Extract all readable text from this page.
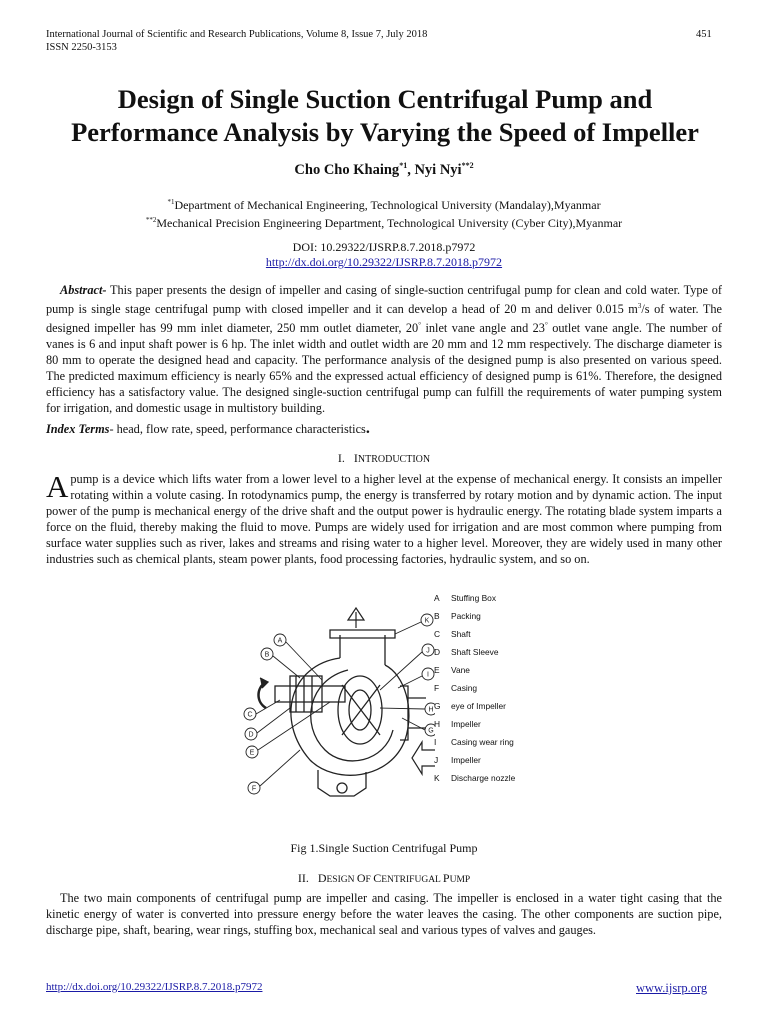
International Journal of Scientific and Research Publications, Volume 8, Issue 7, July 2018
ISSN 2250-3153
451
Design of Single Suction Centrifugal Pump and
Performance Analysis by Varying the Speed of Impeller
Cho Cho Khaing$^{*1}$, Nyi Nyi$^{**2}$
$^{*1}$Department of Mechanical Engineering, Technological University (Mandalay),Myanmar
$^{**2}$Mechanical Precision Engineering Department, Technological University (Cyber City),Myanmar
DOI: 10.29322/IJSRP.8.7.2018.p7972
http://dx.doi.org/10.29322/IJSRP.8.7.2018.p7972
Abstract- This paper presents the design of impeller and casing of single-suction centrifugal pump for clean and cold water. Type of pump is single stage centrifugal pump with closed impeller and it can develop a head of 20 m and deliver 0.015 $m^3/s$ of water. The designed impeller has 99 mm inlet diameter, 250 mm outlet diameter, 20° inlet vane angle and 23° outlet vane angle. The number of vanes is 6 and input shaft power is 6 hp. The inlet width and outlet width are 20 mm and 12 mm respectively. The discharge diameter is 80 mm to operate the designed head and capacity. The performance analysis of the designed pump is also presented on various speed. The predicted maximum efficiency is nearly 65% and the expressed actual efficiency of designed pump is 61%. Therefore, the designed efficiency has a satisfactory value. The designed single-suction centrifugal pump can fulfill the requirements of water pumping system for irrigation, and domestic usage in multistory building.
Index Terms- head, flow rate, speed, performance characteristics.
I. INTRODUCTION
Apump is a device which lifts water from a lower level to a higher level at the expense of mechanical energy. It consists an impeller rotating within a volute casing. In rotodynamics pump, the energy is transferred by rotary motion and by dynamic action. The input power of the pump is mechanical energy of the drive shaft and the output power is hydraulic energy. The rotating blade system imparts a force on the fluid, thereby making the fluid to move. Pumps are widely used for irrigation and are most common where pumping from surface water supplies such as river, lakes and streams and rising water to a higher level. Moreover, they are widely used in many other industries such as chemical plants, steam power plants, food processing factories, hydraulic system, and so on.
A
B
C
D
E
F
G
H
I
J
K
A	Stuffing Box
B	Packing
C	Shaft
D	Shaft Sleeve
E	Vane
F	Casing
G	eye of Impeller
H	Impeller
I	Casing wear ring
J	Impeller
K	Discharge nozzle
Fig 1.Single Suction Centrifugal Pump
II. DESIGN OF CENTRIFUGAL PUMP
The two main components of centrifugal pump are impeller and casing. The impeller is enclosed in a water tight casing that the kinetic energy of water is converted into pressure energy before the water leaves the casing. The other components are suction pipe, discharge pipe, shaft, bearing, wear rings, stuffing box, mechanical seal and various types of valves and gauges.
http://dx.doi.org/10.29322/IJSRP.8.7.2018.p7972	www.ijsrp.org
